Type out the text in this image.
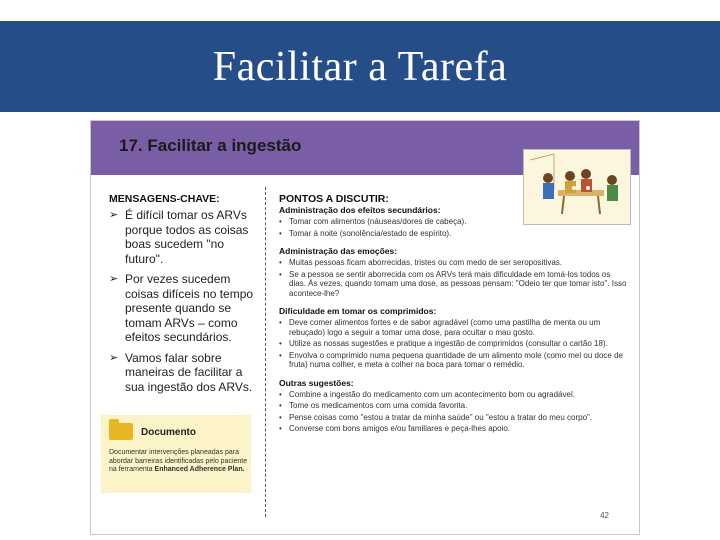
Facilitar a Tarefa
17. Facilitar a ingestão

MENSAGENS-CHAVE:

➢ É difícil tomar os ARVs porque todos as coisas boas sucedem "no futuro".

➢ Por vezes sucedem coisas difíceis no tempo presente quando se tomam ARVs – como efeitos secundários.

➢ Vamos falar sobre maneiras de facilitar a sua ingestão dos ARVs.

Documento
Documentar intervenções planeadas para abordar barreiras identificadas pelo paciente na ferramenta Enhanced Adherence Plan.

PONTOS A DISCUTIR:

Administração dos efeitos secundários:

• Tomar com alimentos (náuseas/dores de cabeça).

• Tomar à noite (sonolência/estado de espírito).

Administração das emoções:

• Muitas pessoas ficam aborrecidas, tristes ou com medo de ser seropositivas.

• Se a pessoa se sentir aborrecida com os ARVs terá mais dificuldade em tomá-los todos os dias. Às vezes, quando tomam uma dose, as pessoas pensam: "Odeio ter que tomar isto". Isso acontece-lhe?

Dificuldade em tomar os comprimidos:

• Deve comer alimentos fortes e de sabor agradável (como uma pastilha de menta ou um rebuçado) logo a seguir a tomar uma dose, para ocultar o mau gosto.

• Utilize as nossas sugestões e pratique a ingestão de comprimidos (consultar o cartão 18).

• Envolva o comprimido numa pequena quantidade de um alimento mole (como mel ou doce de fruta) numa colher, e meta a colher na boca para tomar o remédio.

Outras sugestões:

• Combine a ingestão do medicamento com um acontecimento bom ou agradável.

• Tome os medicamentos com uma comida favorita.

• Pense coisas como "estou a tratar da minha saúde" ou "estou a tratar do meu corpo".

• Converse com bons amigos e/ou familiares e peça-lhes apoio.

42
